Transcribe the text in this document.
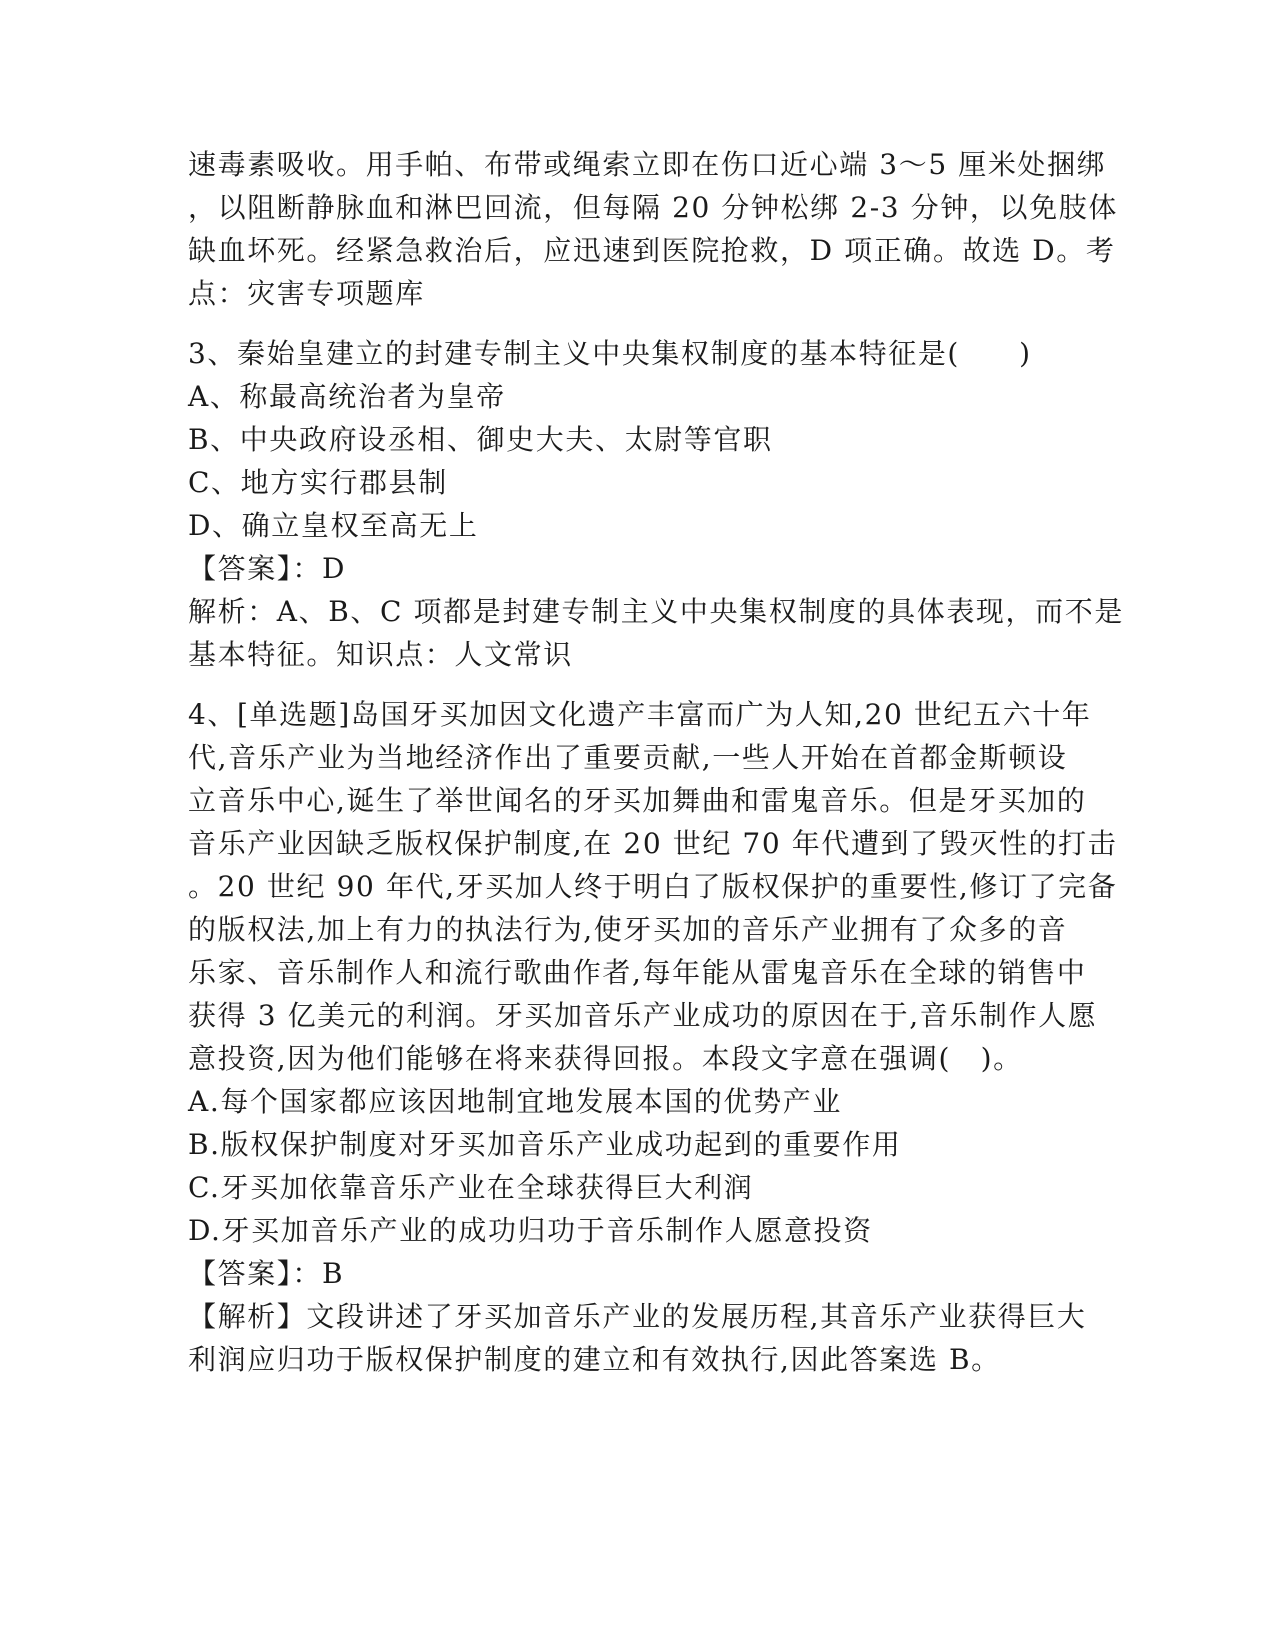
速毒素吸收。用手帕、布带或绳索立即在伤口近心端 3～5 厘米处捆绑
，以阻断静脉血和淋巴回流，但每隔 20 分钟松绑 2-3 分钟，以免肢体
缺血坏死。经紧急救治后，应迅速到医院抢救，D 项正确。故选 D。考
点：灾害专项题库
3、秦始皇建立的封建专制主义中央集权制度的基本特征是(　　)
A、称最高统治者为皇帝
B、中央政府设丞相、御史大夫、太尉等官职
C、地方实行郡县制
D、确立皇权至高无上
【答案】：D
解析：A、B、C 项都是封建专制主义中央集权制度的具体表现，而不是
基本特征。知识点：人文常识
4、[单选题]岛国牙买加因文化遗产丰富而广为人知,20 世纪五六十年
代,音乐产业为当地经济作出了重要贡献,一些人开始在首都金斯顿设
立音乐中心,诞生了举世闻名的牙买加舞曲和雷鬼音乐。但是牙买加的
音乐产业因缺乏版权保护制度,在 20 世纪 70 年代遭到了毁灭性的打击
。20 世纪 90 年代,牙买加人终于明白了版权保护的重要性,修订了完备
的版权法,加上有力的执法行为,使牙买加的音乐产业拥有了众多的音
乐家、音乐制作人和流行歌曲作者,每年能从雷鬼音乐在全球的销售中
获得 3 亿美元的利润。牙买加音乐产业成功的原因在于,音乐制作人愿
意投资,因为他们能够在将来获得回报。本段文字意在强调(　)。
A.每个国家都应该因地制宜地发展本国的优势产业
B.版权保护制度对牙买加音乐产业成功起到的重要作用
C.牙买加依靠音乐产业在全球获得巨大利润
D.牙买加音乐产业的成功归功于音乐制作人愿意投资
【答案】：B
【解析】文段讲述了牙买加音乐产业的发展历程,其音乐产业获得巨大
利润应归功于版权保护制度的建立和有效执行,因此答案选 B。
